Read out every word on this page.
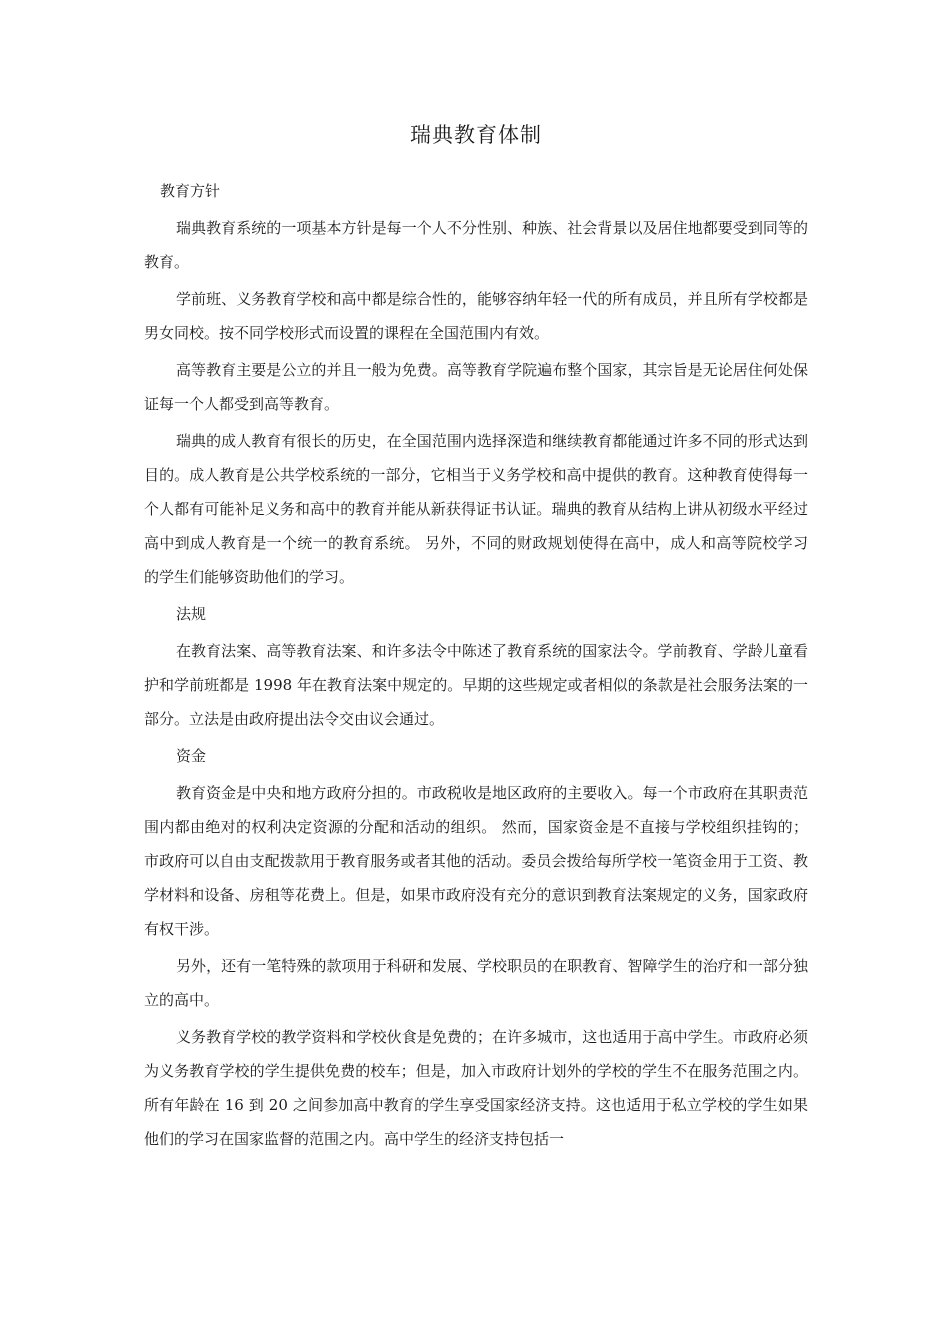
瑞典教育体制
教育方针

瑞典教育系统的一项基本方针是每一个人不分性别、种族、社会背景以及居住地都要受到同等的教育。

学前班、义务教育学校和高中都是综合性的，能够容纳年轻一代的所有成员，并且所有学校都是男女同校。按不同学校形式而设置的课程在全国范围内有效。

高等教育主要是公立的并且一般为免费。高等教育学院遍布整个国家，其宗旨是无论居住何处保证每一个人都受到高等教育。

瑞典的成人教育有很长的历史，在全国范围内选择深造和继续教育都能通过许多不同的形式达到目的。成人教育是公共学校系统的一部分，它相当于义务学校和高中提供的教育。这种教育使得每一个人都有可能补足义务和高中的教育并能从新获得证书认证。瑞典的教育从结构上讲从初级水平经过高中到成人教育是一个统一的教育系统。 另外，不同的财政规划使得在高中，成人和高等院校学习的学生们能够资助他们的学习。

法规

在教育法案、高等教育法案、和许多法令中陈述了教育系统的国家法令。学前教育、学龄儿童看护和学前班都是 1998 年在教育法案中规定的。早期的这些规定或者相似的条款是社会服务法案的一部分。立法是由政府提出法令交由议会通过。

资金

教育资金是中央和地方政府分担的。市政税收是地区政府的主要收入。每一个市政府在其职责范围内都由绝对的权利决定资源的分配和活动的组织。 然而，国家资金是不直接与学校组织挂钩的；市政府可以自由支配拨款用于教育服务或者其他的活动。委员会拨给每所学校一笔资金用于工资、教学材料和设备、房租等花费上。但是，如果市政府没有充分的意识到教育法案规定的义务，国家政府有权干涉。

另外，还有一笔特殊的款项用于科研和发展、学校职员的在职教育、智障学生的治疗和一部分独立的高中。

义务教育学校的教学资料和学校伙食是免费的；在许多城市，这也适用于高中学生。市政府必须为义务教育学校的学生提供免费的校车；但是，加入市政府计划外的学校的学生不在服务范围之内。 所有年龄在 16 到 20 之间参加高中教育的学生享受国家经济支持。这也适用于私立学校的学生如果他们的学习在国家监督的范围之内。高中学生的经济支持包括一
